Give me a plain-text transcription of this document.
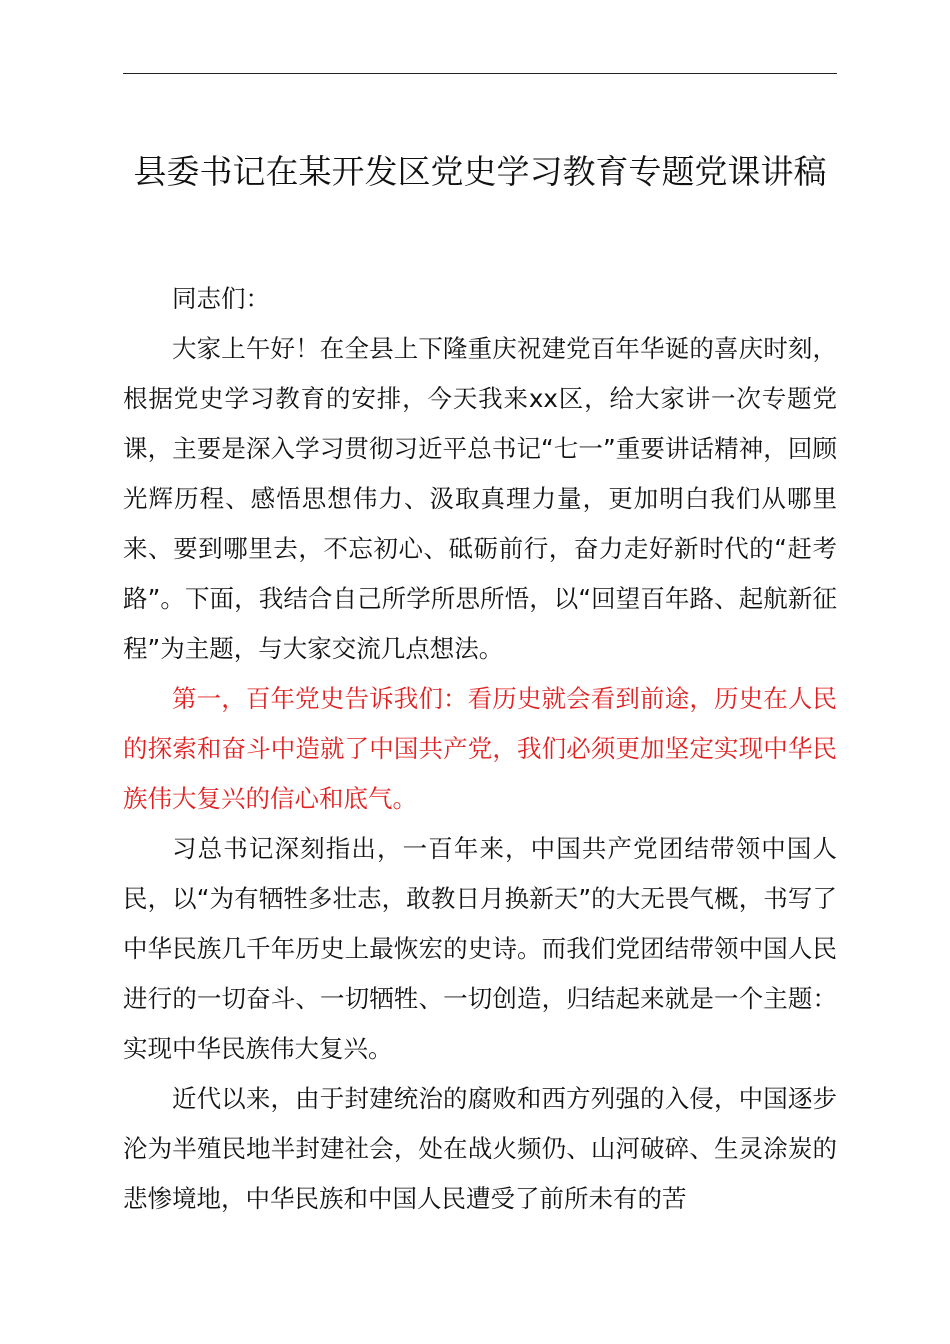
县委书记在某开发区党史学习教育专题党课讲稿

同志们：

大家上午好！在全县上下隆重庆祝建党百年华诞的喜庆时刻，根据党史学习教育的安排，今天我来xx区，给大家讲一次专题党课，主要是深入学习贯彻习近平总书记“七一”重要讲话精神，回顾光辉历程、感悟思想伟力、汲取真理力量，更加明白我们从哪里来、要到哪里去，不忘初心、砥砺前行，奋力走好新时代的“赶考路”。下面，我结合自己所学所思所悟，以“回望百年路、起航新征程”为主题，与大家交流几点想法。

第一，百年党史告诉我们：看历史就会看到前途，历史在人民的探索和奋斗中造就了中国共产党，我们必须更加坚定实现中华民族伟大复兴的信心和底气。

习总书记深刻指出，一百年来，中国共产党团结带领中国人民，以“为有牺牲多壮志，敢教日月换新天”的大无畏气概，书写了中华民族几千年历史上最恢宏的史诗。而我们党团结带领中国人民进行的一切奋斗、一切牺牲、一切创造，归结起来就是一个主题：实现中华民族伟大复兴。

近代以来，由于封建统治的腐败和西方列强的入侵，中国逐步沦为半殖民地半封建社会，处在战火频仍、山河破碎、生灵涂炭的悲惨境地，中华民族和中国人民遭受了前所未有的苦
